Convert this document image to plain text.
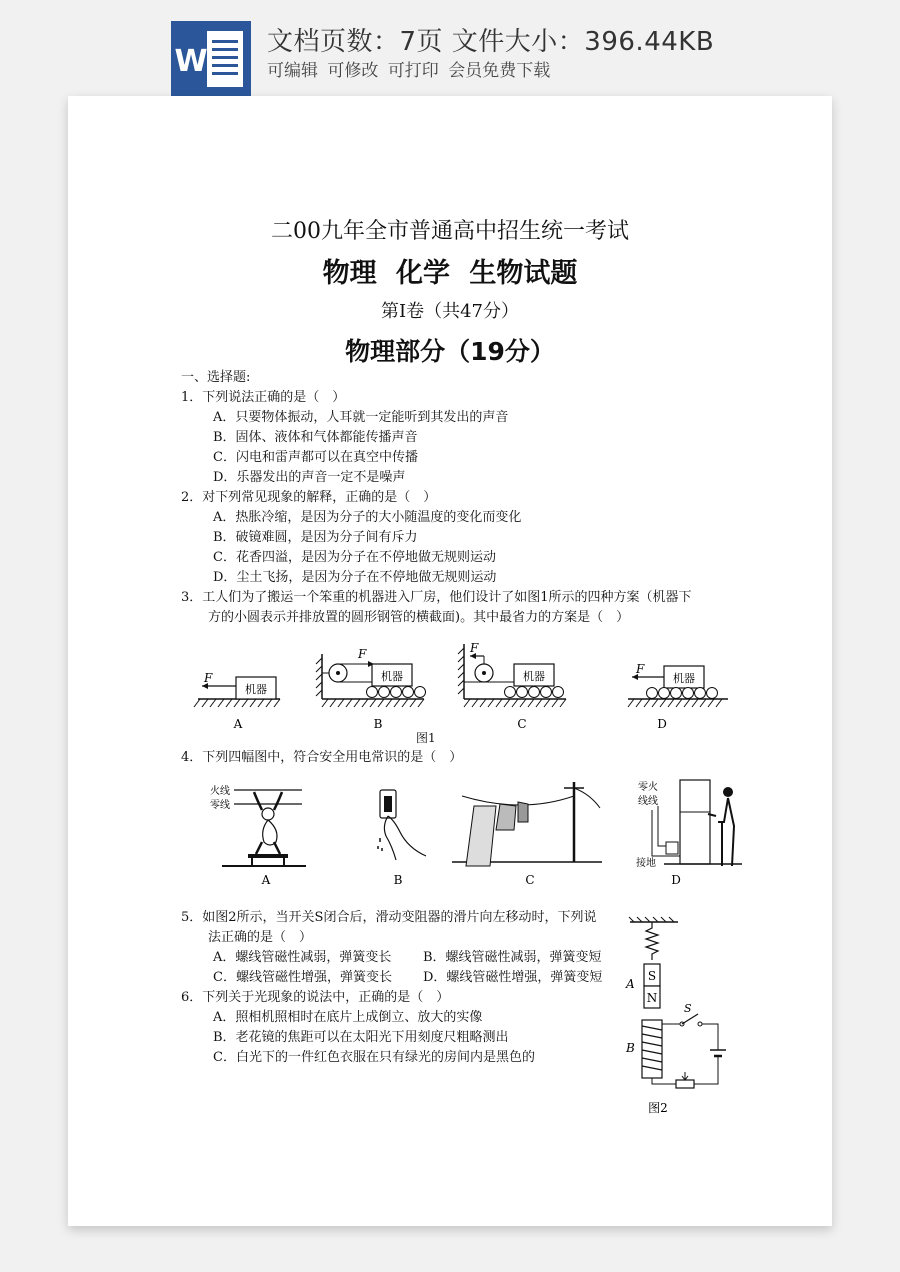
W
文档页数：7页 文件大小：396.44KB
可编辑 可修改 可打印 会员免费下载
二00九年全市普通高中招生统一考试
物理 化学 生物试题
第Ⅰ卷（共47分）
物理部分（19分）
一、选择题:
1．下列说法正确的是（　）
A．只要物体振动，人耳就一定能听到其发出的声音
B．固体、液体和气体都能传播声音
C．闪电和雷声都可以在真空中传播
D．乐器发出的声音一定不是噪声
2．对下列常见现象的解释，正确的是（　）
A．热胀冷缩，是因为分子的大小随温度的变化而变化
B．破镜难圆，是因为分子间有斥力
C．花香四溢，是因为分子在不停地做无规则运动
D．尘土飞扬，是因为分子在不停地做无规则运动
3．工人们为了搬运一个笨重的机器进入厂房，他们设计了如图1所示的四种方案（机器下
方的小圆表示并排放置的圆形钢管的横截面)。其中最省力的方案是（　）
机器
F
A
F
机器
B
F
机器
C
机器
F
D
图1
4．下列四幅图中，符合安全用电常识的是（　）
火线
零线
A	B	C
零火
线线
接地
D
5．如图2所示，当开关S闭合后，滑动变阻器的滑片向左移动时，下列说
法正确的是（　）
A．螺线管磁性减弱，弹簧变长 B．螺线管磁性减弱，弹簧变短
C．螺线管磁性增强，弹簧变长 D．螺线管磁性增强，弹簧变短
6．下列关于光现象的说法中，正确的是（　）
A．照相机照相时在底片上成倒立、放大的实像
B．老花镜的焦距可以在太阳光下用刻度尺粗略测出
C．白光下的一件红色衣服在只有绿光的房间内是黑色的
S
N
A
B
S
图2
